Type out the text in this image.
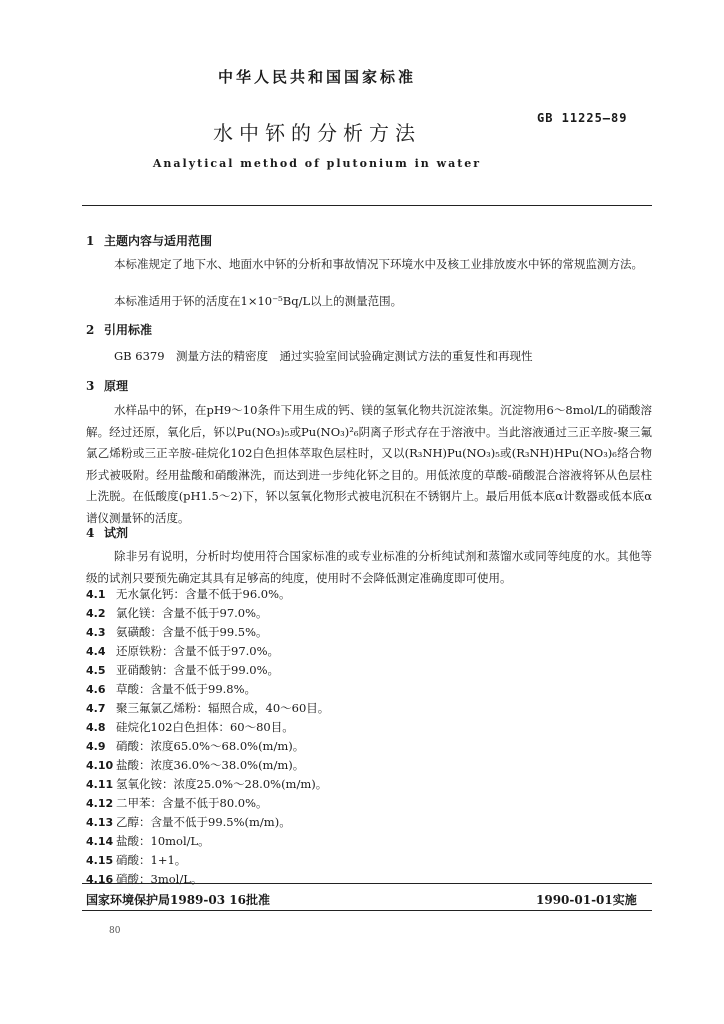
中华人民共和国国家标准
水中钚的分析方法
GB 11225—89
Analytical method of plutonium in water
1 主题内容与适用范围
本标准规定了地下水、地面水中钚的分析和事故情况下环境水中及核工业排放废水中钚的常规监测方法。
本标准适用于钚的活度在1×10⁻⁵Bq/L以上的测量范围。
2 引用标准
GB 6379　测量方法的精密度　通过实验室间试验确定测试方法的重复性和再现性
3 原理
水样品中的钚，在pH9～10条件下用生成的钙、镁的氢氧化物共沉淀浓集。沉淀物用6～8mol/L的硝酸溶解。经过还原，氧化后，钚以Pu(NO₃)₅或Pu(NO₃)²₆阴离子形式存在于溶液中。当此溶液通过三正辛胺-聚三氟氯乙烯粉或三正辛胺-硅烷化102白色担体萃取色层柱时，又以(R₃NH)Pu(NO₃)₅或(R₃NH)HPu(NO₃)₆络合物形式被吸附。经用盐酸和硝酸淋洗，而达到进一步纯化钚之目的。用低浓度的草酸-硝酸混合溶液将钚从色层柱上洗脱。在低酸度(pH1.5～2)下，钚以氢氧化物形式被电沉积在不锈钢片上。最后用低本底α计数器或低本底α谱仪测量钚的活度。
4 试剂
除非另有说明，分析时均使用符合国家标准的或专业标准的分析纯试剂和蒸馏水或同等纯度的水。其他等级的试剂只要预先确定其具有足够高的纯度，使用时不会降低测定准确度即可使用。
4.1 无水氯化钙：含量不低于96.0%。
4.2 氯化镁：含量不低于97.0%。
4.3 氨磺酸：含量不低于99.5%。
4.4 还原铁粉：含量不低于97.0%。
4.5 亚硝酸钠：含量不低于99.0%。
4.6 草酸：含量不低于99.8%。
4.7 聚三氟氯乙烯粉：辐照合成，40～60目。
4.8 硅烷化102白色担体：60～80目。
4.9 硝酸：浓度65.0%～68.0%(m/m)。
4.10 盐酸：浓度36.0%～38.0%(m/m)。
4.11 氢氧化铵：浓度25.0%～28.0%(m/m)。
4.12 二甲苯：含量不低于80.0%。
4.13 乙醇：含量不低于99.5%(m/m)。
4.14 盐酸：10mol/L。
4.15 硝酸：1+1。
4.16 硝酸：3mol/L。
国家环境保护局1989-03 16批准	1990-01-01实施
80
